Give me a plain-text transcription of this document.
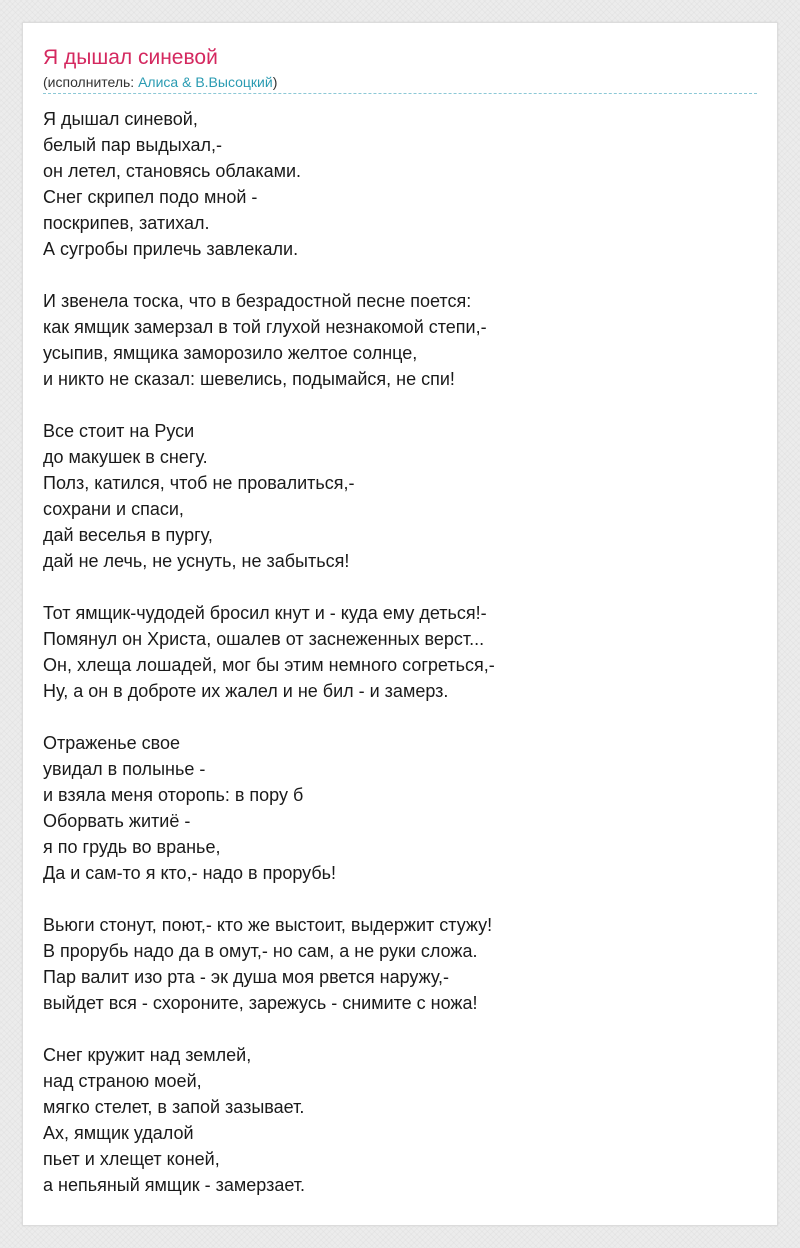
Я дышал синевой
(исполнитель: Алиса & В.Высоцкий)
Я дышал синевой,
белый пар выдыхал,-
он летел, становясь облаками.
Снег скрипел подо мной -
поскрипев, затихал.
А сугробы прилечь завлекали.
И звенела тоска, что в безрадостной песне поется:
как ямщик замерзал в той глухой незнакомой степи,-
усыпив, ямщика заморозило желтое солнце,
и никто не сказал: шевелись, подымайся, не спи!
Все стоит на Руси
до макушек в снегу.
Полз, катился, чтоб не провалиться,-
сохрани и спаси,
дай веселья в пургу,
дай не лечь, не уснуть, не забыться!
Тот ямщик-чудодей бросил кнут и - куда ему деться!-
Помянул он Христа, ошалев от заснеженных верст...
Он, хлеща лошадей, мог бы этим немного согреться,-
Ну, а он в доброте их жалел и не бил - и замерз.
Отраженье свое
увидал в полынье -
и взяла меня оторопь: в пору б
Оборвать житиё -
я по грудь во вранье,
Да и сам-то я кто,- надо в прорубь!
Вьюги стонут, поют,- кто же выстоит, выдержит стужу!
В прорубь надо да в омут,- но сам, а не руки сложа.
Пар валит изо рта - эк душа моя рвется наружу,-
выйдет вся - схороните, зарежусь - снимите с ножа!
Снег кружит над землей,
над страною моей,
мягко стелет, в запой зазывает.
Ах, ямщик удалой
пьет и хлещет коней,
а непьяный ямщик - замерзает.
